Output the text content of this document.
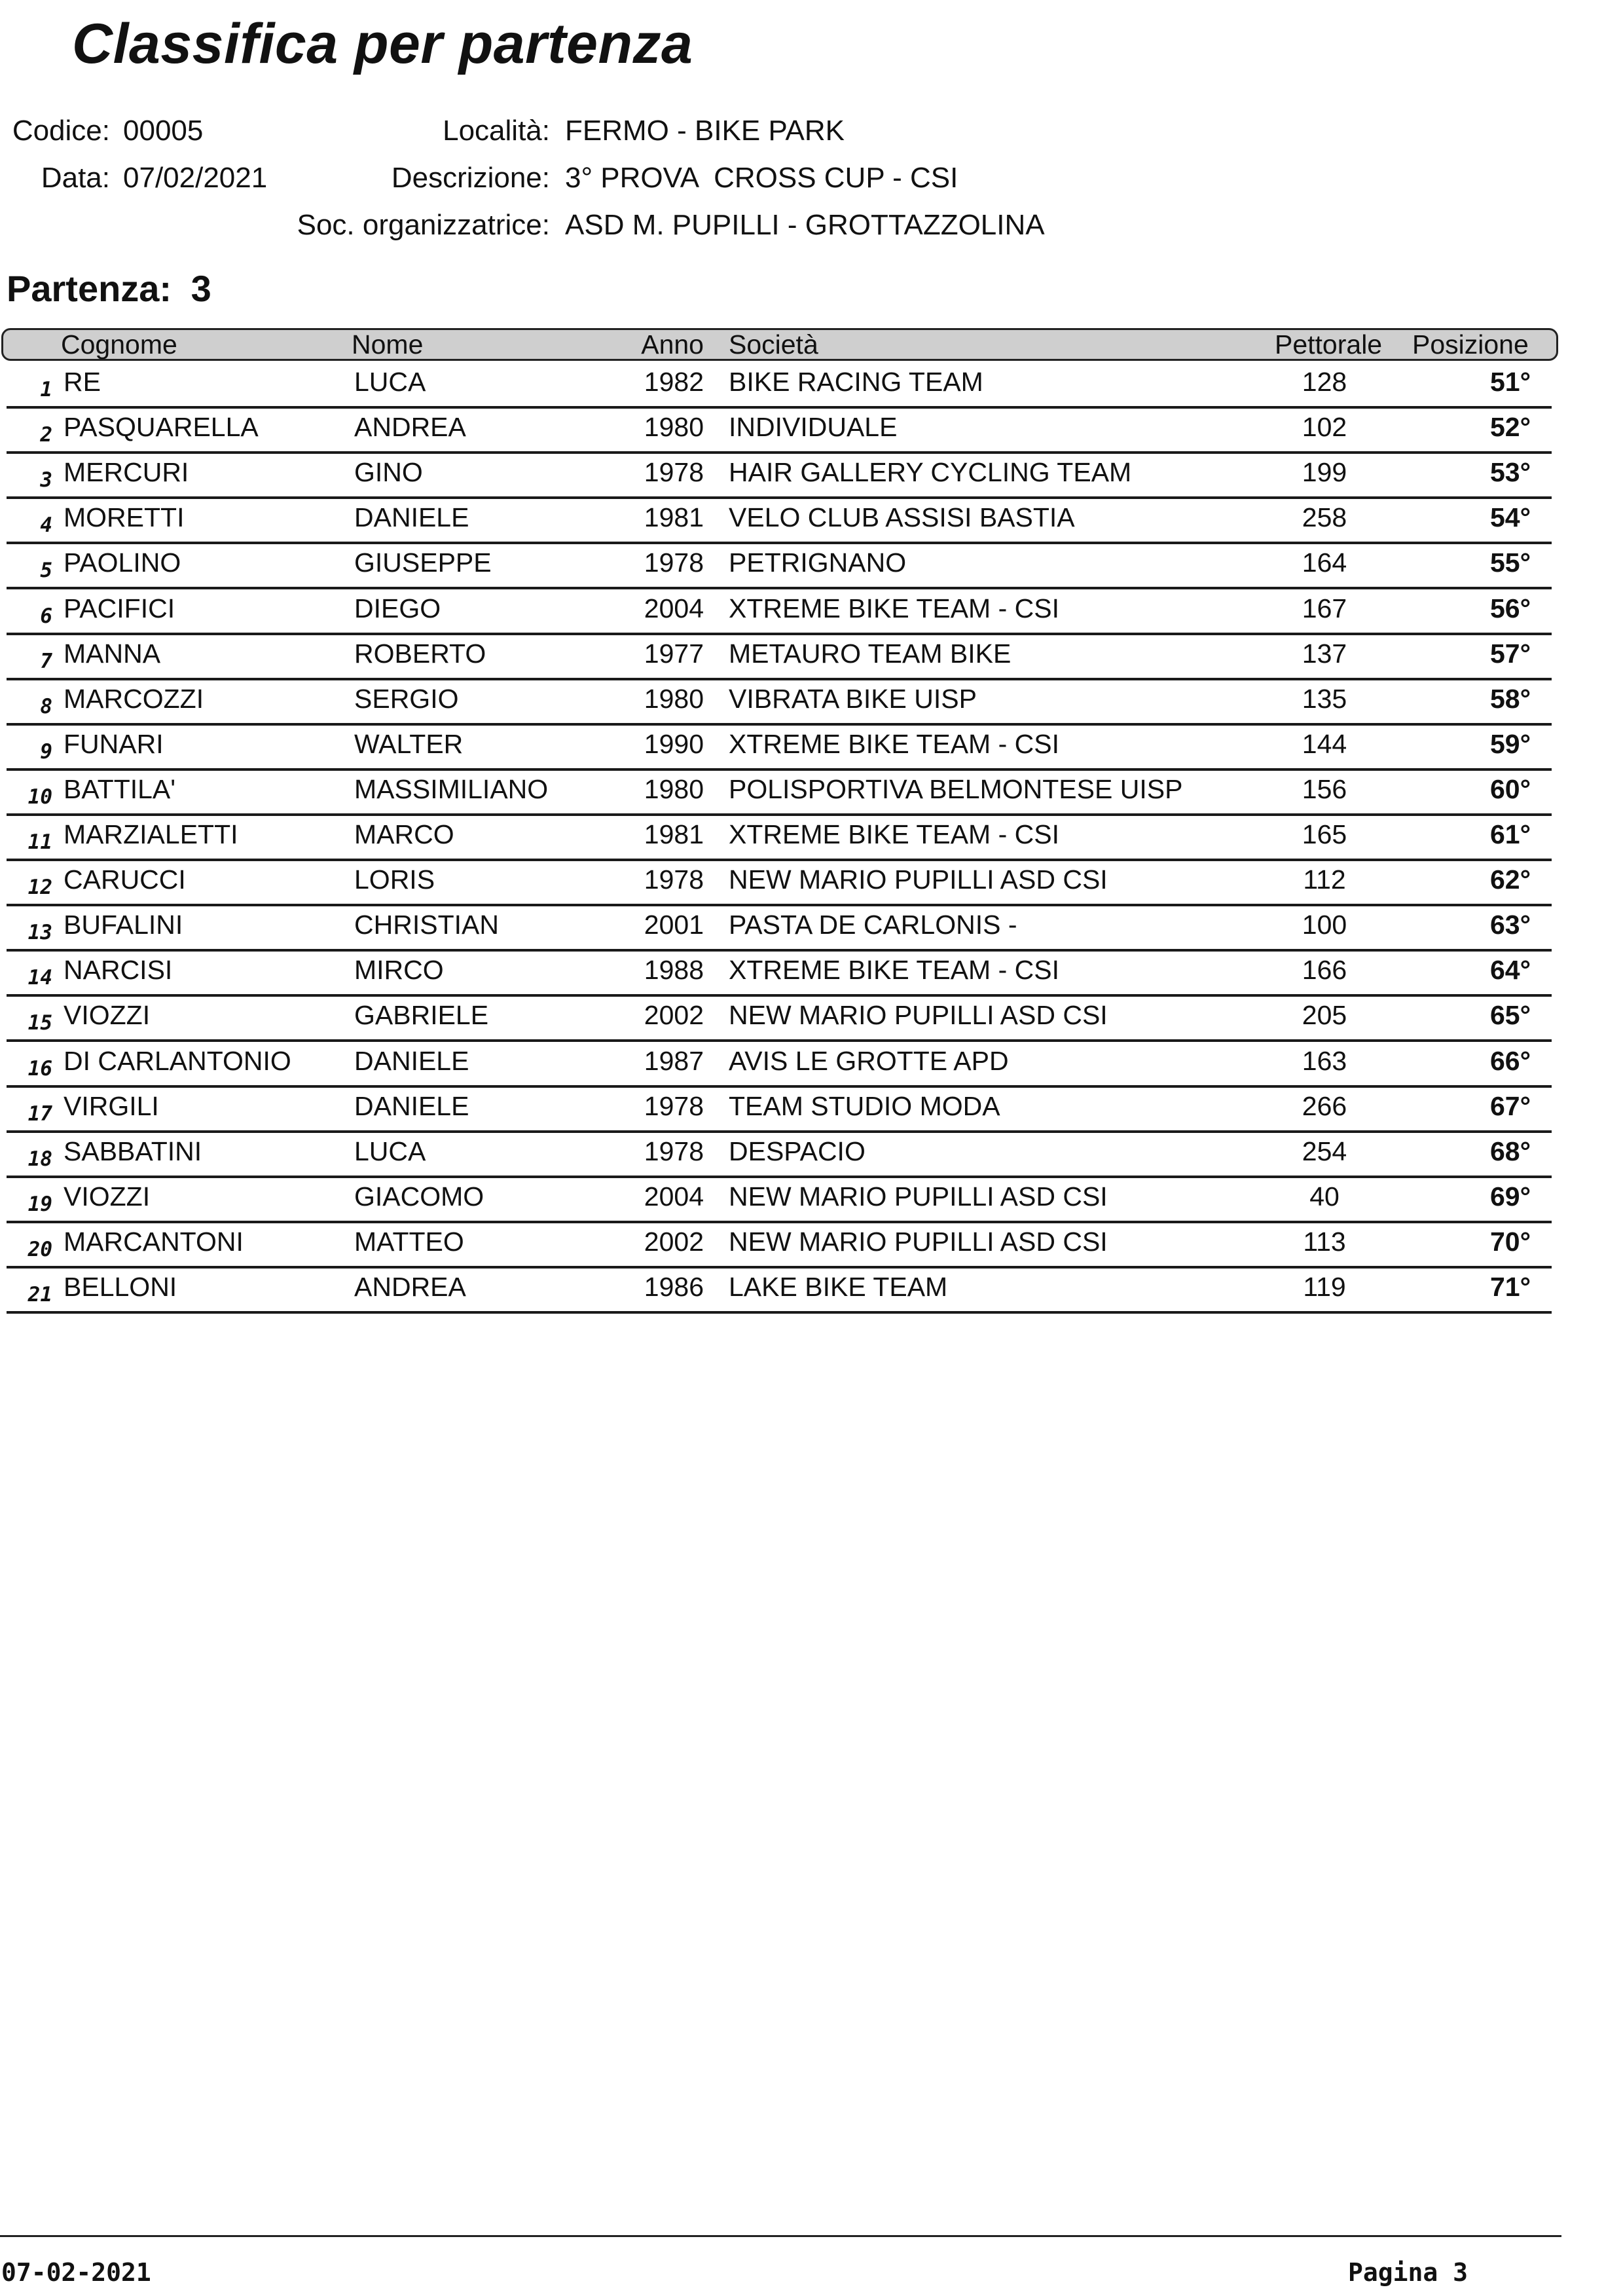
Classifica per partenza
Codice: 00005
Data: 07/02/2021
Località: FERMO - BIKE PARK
Descrizione: 3° PROVA  CROSS CUP - CSI
Soc. organizzatrice: ASD M. PUPILLI - GROTTAZZOLINA
Partenza: 3
Cognome	Nome	Anno Società	Pettorale Posizione
1 RE	LUCA	1982 BIKE RACING TEAM	128	51°
2 PASQUARELLA	ANDREA	1980 INDIVIDUALE	102	52°
3 MERCURI	GINO	1978 HAIR GALLERY CYCLING TEAM	199	53°
4 MORETTI	DANIELE	1981 VELO CLUB ASSISI BASTIA	258	54°
5 PAOLINO	GIUSEPPE	1978 PETRIGNANO	164	55°
6 PACIFICI	DIEGO	2004 XTREME BIKE TEAM - CSI	167	56°
7 MANNA	ROBERTO	1977 METAURO TEAM BIKE	137	57°
8 MARCOZZI	SERGIO	1980 VIBRATA BIKE UISP	135	58°
9 FUNARI	WALTER	1990 XTREME BIKE TEAM - CSI	144	59°
10 BATTILA'	MASSIMILIANO	1980 POLISPORTIVA BELMONTESE UISP	156	60°
11 MARZIALETTI	MARCO	1981 XTREME BIKE TEAM - CSI	165	61°
12 CARUCCI	LORIS	1978 NEW MARIO PUPILLI ASD CSI	112	62°
13 BUFALINI	CHRISTIAN	2001 PASTA DE CARLONIS -	100	63°
14 NARCISI	MIRCO	1988 XTREME BIKE TEAM - CSI	166	64°
15 VIOZZI	GABRIELE	2002 NEW MARIO PUPILLI ASD CSI	205	65°
16 DI CARLANTONIO	DANIELE	1987 AVIS LE GROTTE APD	163	66°
17 VIRGILI	DANIELE	1978 TEAM STUDIO MODA	266	67°
18 SABBATINI	LUCA	1978 DESPACIO	254	68°
19 VIOZZI	GIACOMO	2004 NEW MARIO PUPILLI ASD CSI	40	69°
20 MARCANTONI	MATTEO	2002 NEW MARIO PUPILLI ASD CSI	113	70°
21 BELLONI	ANDREA	1986 LAKE BIKE TEAM	119	71°
07-02-2021	Pagina 3
